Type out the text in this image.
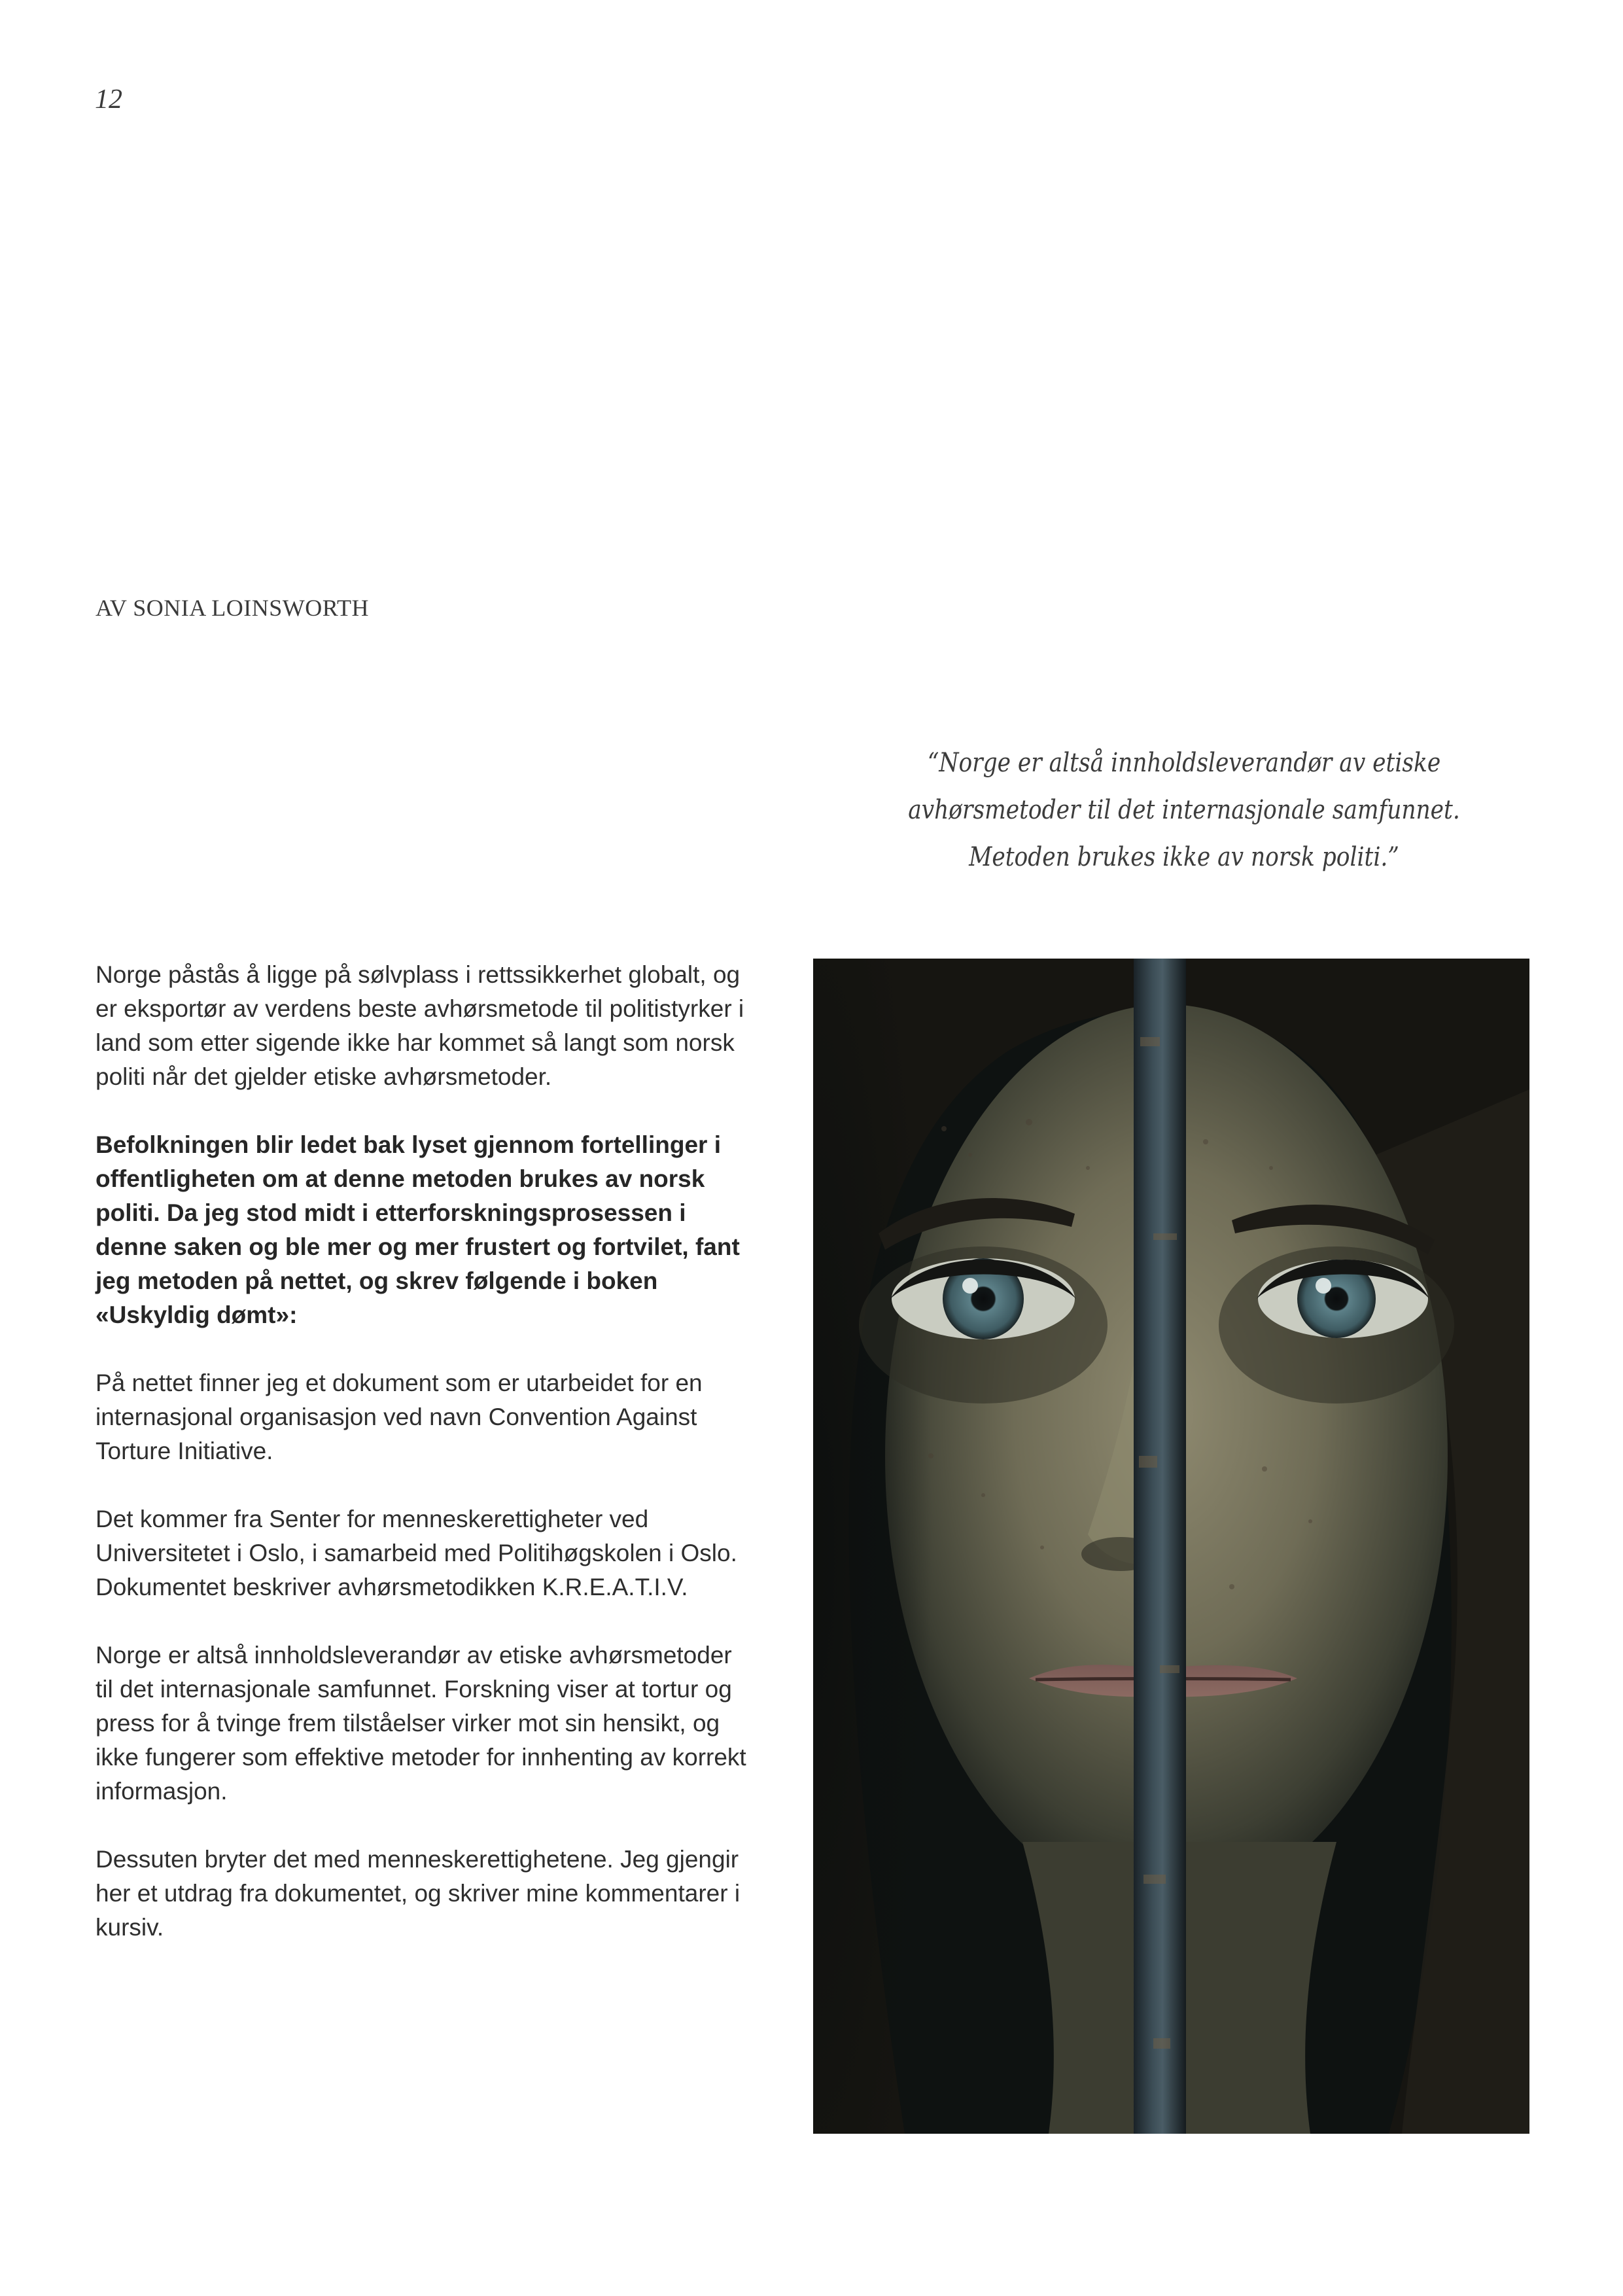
12

AV SONIA LOINSWORTH

“Norge er altså innholdsleverandør av etiske avhørsmetoder til det internasjonale samfunnet. Metoden brukes ikke av norsk politi.”

Norge påstås å ligge på sølvplass i rettssikkerhet globalt, og er eksportør av verdens beste avhørsmetode til politistyrker i land som etter sigende ikke har kommet så langt som norsk politi når det gjelder etiske avhørsmetoder.

Befolkningen blir ledet bak lyset gjennom fortellinger i offentligheten om at denne metoden brukes av norsk politi. Da jeg stod midt i etterforskningsprosessen i denne saken og ble mer og mer frustert og fortvilet, fant jeg metoden på nettet, og skrev følgende i boken «Uskyldig dømt»:

På nettet finner jeg et dokument som er utarbeidet for en internasjonal organisasjon ved navn Convention Against Torture Initiative.

Det kommer fra Senter for menneskerettigheter ved Universitetet i Oslo, i samarbeid med Politihøgskolen i Oslo. Dokumentet beskriver avhørsmetodikken K.R.E.A.T.I.V.

Norge er altså innholdsleverandør av etiske avhørsmetoder til det internasjonale samfunnet. Forskning viser at tortur og press for å tvinge frem tilståelser virker mot sin hensikt, og ikke fungerer som effektive metoder for innhenting av korrekt informasjon.

Dessuten bryter det med menneskerettighetene. Jeg gjengir her et utdrag fra dokumentet, og skriver mine kommentarer i kursiv.
